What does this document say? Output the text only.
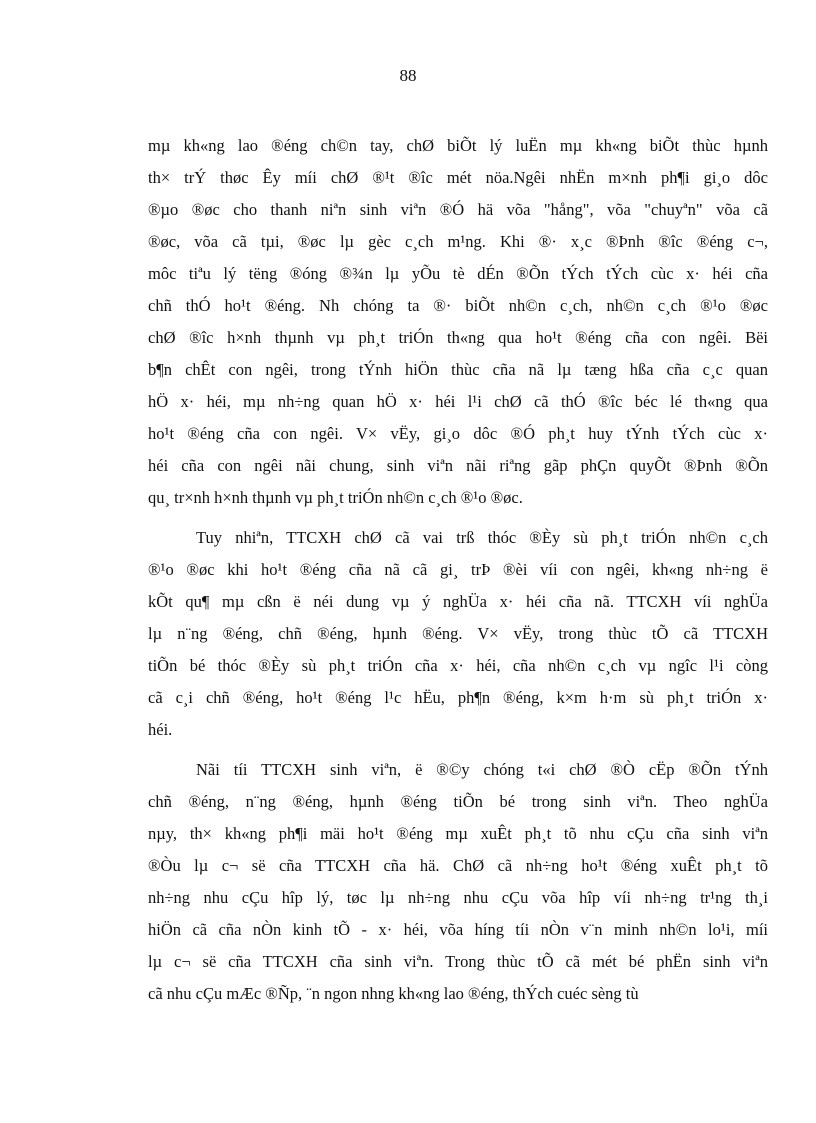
88

mµ kh«ng lao ®éng ch©n tay, chØ biÕt lý luËn mµ kh«ng biÕt thùc hµnh
th× trÝ thøc Êy míi chØ ®¹t ®îc mét nöa.Ngêi nhËn m×nh ph¶i gi¸o dôc
®µo ®øc cho thanh niªn sinh viªn ®Ó hä võa "hång", võa "chuyªn" võa cã
®øc, võa cã tµi, ®øc lµ gèc c¸ch m¹ng. Khi ®· x¸c ®Þnh ®îc ®éng c¬,
môc tiªu lý tëng ®óng ®¾n lµ yÕu tè dÉn ®Õn tÝch tÝch cùc x· héi cña
chñ thÓ ho¹t ®éng. Nh chóng ta ®· biÕt nh©n c¸ch, nh©n c¸ch ®¹o ®øc
chØ ®îc h×nh thµnh vµ ph¸t triÓn th«ng qua ho¹t ®éng cña con ngêi. Bëi
b¶n chÊt con ngêi, trong tÝnh hiÖn thùc cña nã lµ tæng hßa cña c¸c quan
hÖ x· héi, mµ nh÷ng quan hÖ x· héi l¹i chØ cã thÓ ®îc béc lé th«ng qua
ho¹t ®éng cña con ngêi. V× vËy, gi¸o dôc ®Ó ph¸t huy tÝnh tÝch cùc x·
héi cña con ngêi nãi chung, sinh viªn nãi riªng gãp phÇn quyÕt ®Þnh ®Õn
qu¸ tr×nh h×nh thµnh vµ ph¸t triÓn nh©n c¸ch ®¹o ®øc.

Tuy nhiªn, TTCXH chØ cã vai trß thóc ®Èy sù ph¸t triÓn nh©n c¸ch
®¹o ®øc khi ho¹t ®éng cña nã cã gi¸ trÞ ®èi víi con ngêi, kh«ng nh÷ng ë
kÕt qu¶ mµ cßn ë néi dung vµ ý nghÜa x· héi cña nã. TTCXH víi nghÜa
lµ n¨ng ®éng, chñ ®éng, hµnh ®éng. V× vËy, trong thùc tÕ cã TTCXH
tiÕn bé thóc ®Èy sù ph¸t triÓn cña x· héi, cña nh©n c¸ch vµ ngîc l¹i còng
cã c¸i chñ ®éng, ho¹t ®éng l¹c hËu, ph¶n ®éng, k×m h·m sù ph¸t triÓn x·
héi.

Nãi tíi TTCXH sinh viªn, ë ®©y chóng t«i chØ ®Ò cËp ®Õn tÝnh
chñ ®éng, n¨ng ®éng, hµnh ®éng tiÕn bé trong sinh viªn. Theo nghÜa
nµy, th× kh«ng ph¶i mäi ho¹t ®éng mµ xuÊt ph¸t tõ nhu cÇu cña sinh viªn
®Òu lµ c¬ së cña TTCXH cña hä. ChØ cã nh÷ng ho¹t ®éng xuÊt ph¸t tõ
nh÷ng nhu cÇu hîp lý, tøc lµ nh÷ng nhu cÇu võa hîp víi nh÷ng tr¹ng th¸i
hiÖn cã cña nÒn kinh tÕ - x· héi, võa híng tíi nÒn v¨n minh nh©n lo¹i, míi
lµ c¬ së cña TTCXH cña sinh viªn. Trong thùc tÕ cã mét bé phËn sinh viªn
cã nhu cÇu mÆc ®Ñp, ¨n ngon nhng kh«ng lao ®éng, thÝch cuéc sèng tù
